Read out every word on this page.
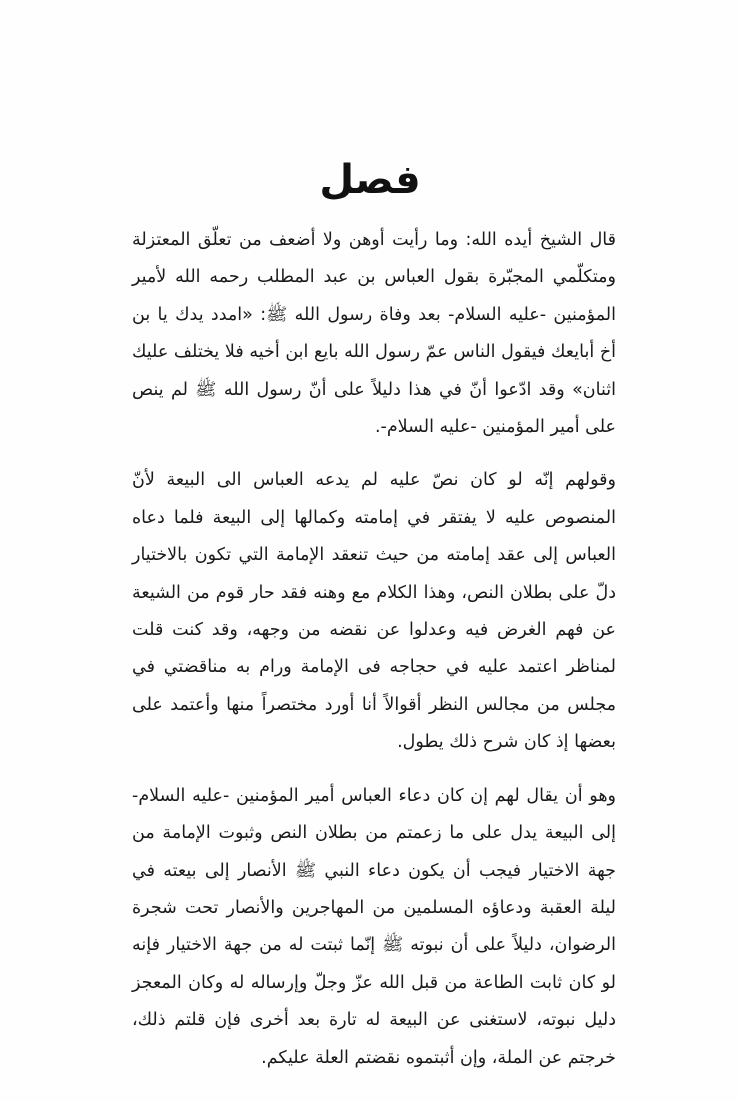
فصل

قال الشيخ أيده الله: وما رأيت أوهن ولا أضعف من تعلّق المعتزلة ومتكلّمي المجبّرة بقول العباس بن عبد المطلب رحمه الله لأمير المؤمنين -عليه السلام- بعد وفاة رسول الله ﷺ: «امدد يدك يا بن أخ أبايعك فيقول الناس عمّ رسول الله بايع ابن أخيه فلا يختلف عليك اثنان» وقد ادّعوا أنّ في هذا دليلاً على أنّ رسول الله ﷺ لم ينص على أمير المؤمنين -عليه السلام-.

وقولهم إنّه لو كان نصّ عليه لم يدعه العباس الى البيعة لأنّ المنصوص عليه لا يفتقر في إمامته وكمالها إلى البيعة فلما دعاه العباس إلى عقد إمامته من حيث تنعقد الإمامة التي تكون بالاختيار دلّ على بطلان النص، وهذا الكلام مع وهنه فقد حار قوم من الشيعة عن فهم الغرض فيه وعدلوا عن نقضه من وجهه، وقد كنت قلت لمناظر اعتمد عليه في حجاجه فى الإمامة ورام به مناقضتي في مجلس من مجالس النظر أقوالاً أنا أورد مختصراً منها وأعتمد على بعضها إذ كان شرح ذلك يطول.

وهو أن يقال لهم إن كان دعاء العباس أمير المؤمنين -عليه السلام- إلى البيعة يدل على ما زعمتم من بطلان النص وثبوت الإمامة من جهة الاختيار فيجب أن يكون دعاء النبي ﷺ الأنصار إلى بيعته في ليلة العقبة ودعاؤه المسلمين من المهاجرين والأنصار تحت شجرة الرضوان، دليلاً على أن نبوته ﷺ إنّما ثبتت له من جهة الاختيار فإنه لو كان ثابت الطاعة من قبل الله عزّ وجلّ وإرساله له وكان المعجز دليل نبوته، لاستغنى عن البيعة له تارة بعد أخرى فإن قلتم ذلك، خرجتم عن الملة، وإن أثبتموه نقضتم العلة عليكم.
